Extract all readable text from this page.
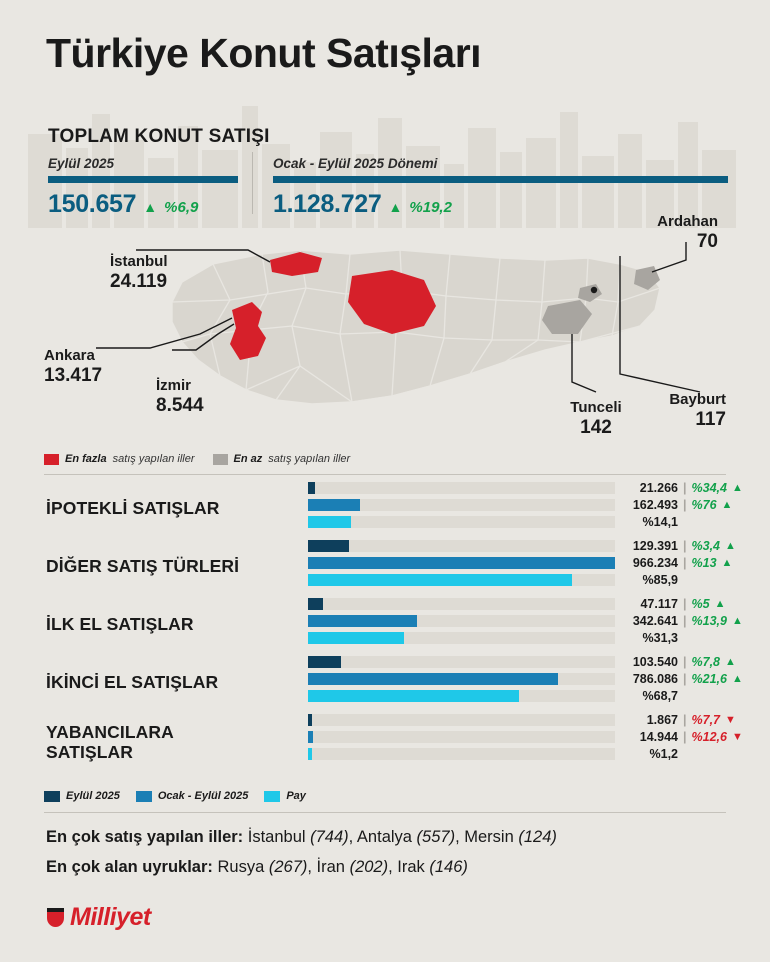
Türkiye Konut Satışları
TOPLAM KONUT SATIŞI
Eylül 2025
150.657 ▲ %6,9
Ocak - Eylül 2025 Dönemi
1.128.727 ▲ %19,2
İstanbul
24.119
Ankara
13.417	İzmir
8.544
Ardahan
70
Bayburt
117
Tunceli
142
En fazla satış yapılan iller	En az satış yapılan iller
İPOTEKLİ SATIŞLAR
21.266 | %34,4 ▲
162.493 | %76 ▲
%14,1
DİĞER SATIŞ TÜRLERİ
129.391 | %3,4 ▲
966.234 | %13 ▲
%85,9
İLK EL SATIŞLAR
47.117 | %5 ▲
342.641 | %13,9 ▲
%31,3
İKİNCİ EL SATIŞLAR
103.540 | %7,8 ▲
786.086 | %21,6 ▲
%68,7
YABANCILARA
SATIŞLAR
1.867 | %7,7 ▼
14.944 | %12,6 ▼
%1,2
Eylül 2025	Ocak - Eylül 2025	Pay
En çok satış yapılan iller: İstanbul (744), Antalya (557), Mersin (124)
En çok alan uyruklar: Rusya (267), İran (202), Irak (146)
Milliyet
